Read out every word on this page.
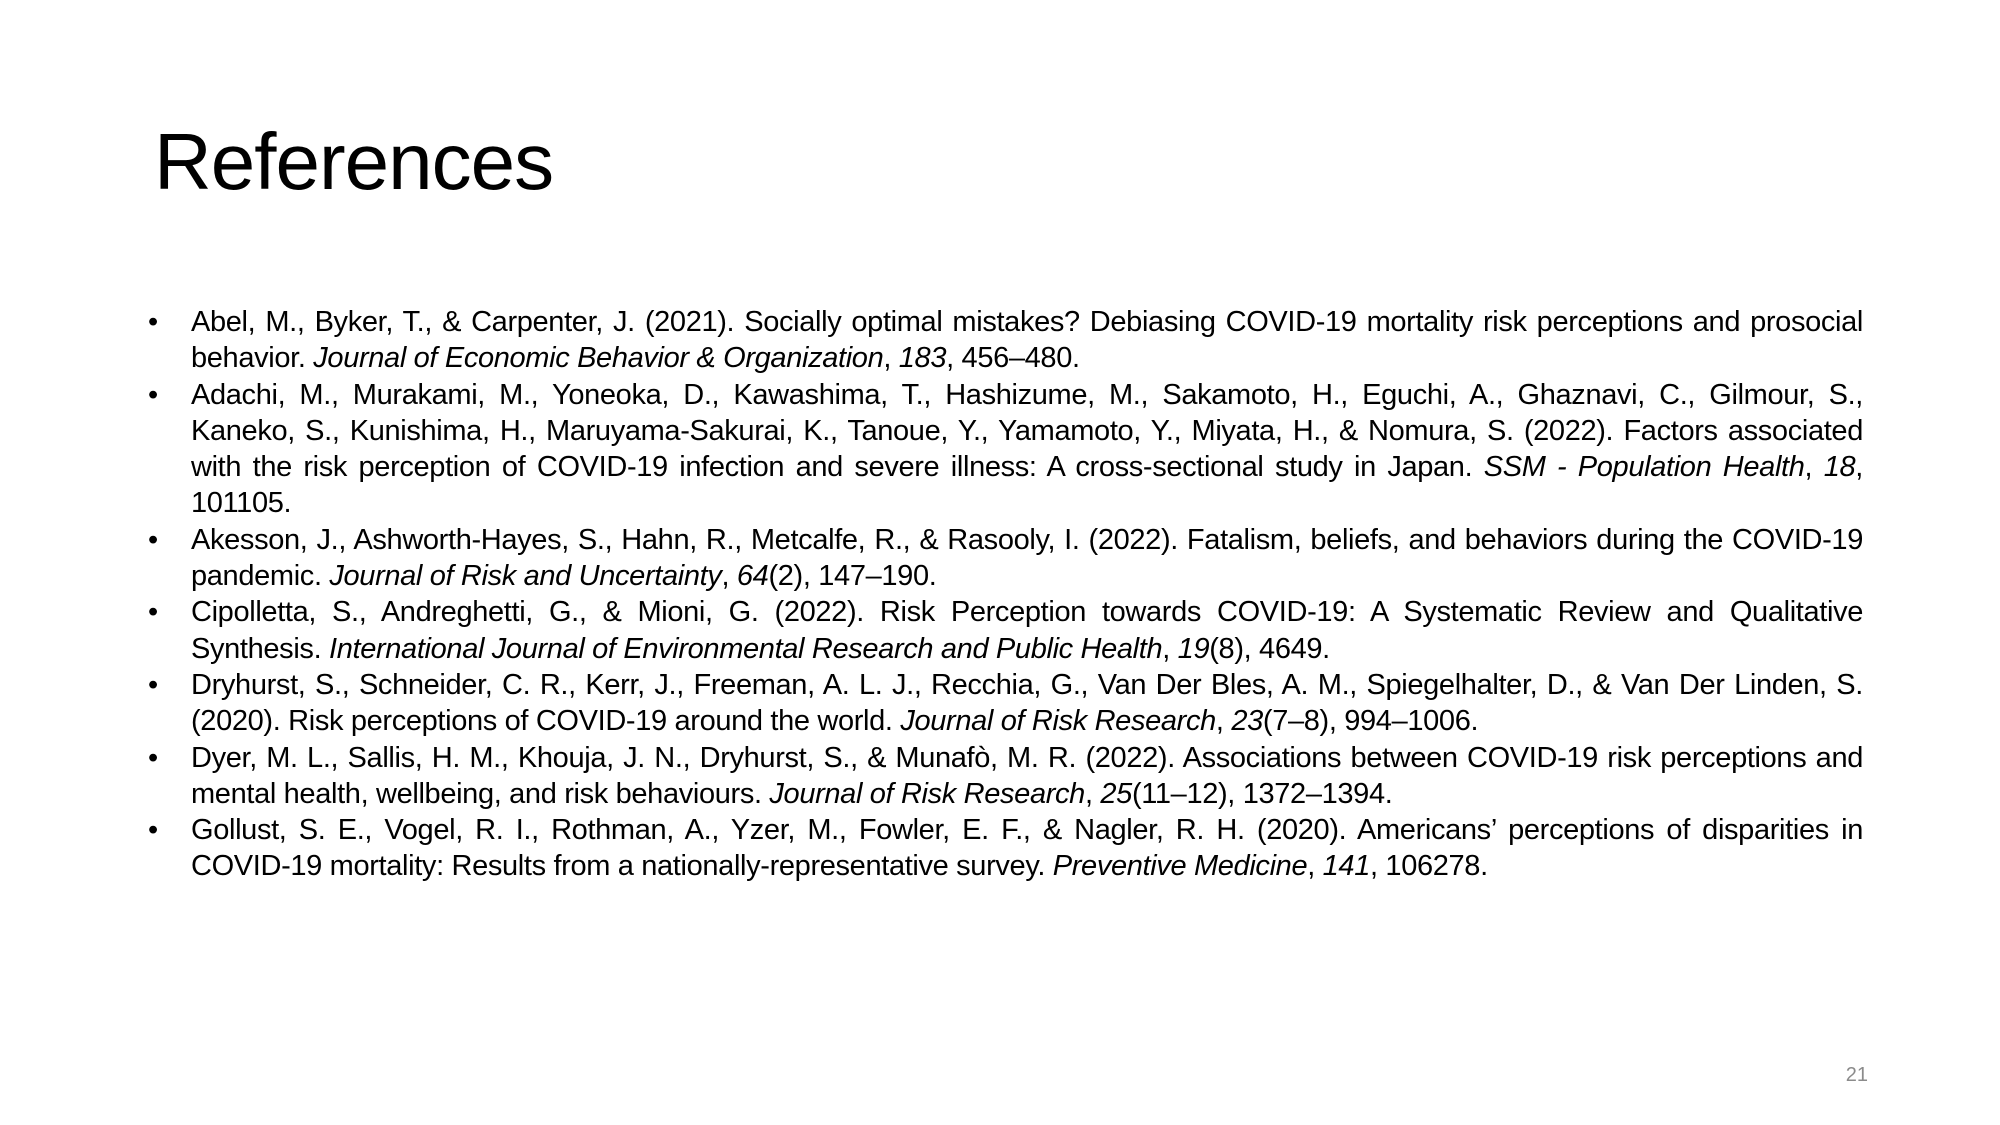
References
•	Abel, M., Byker, T., & Carpenter, J. (2021). Socially optimal mistakes? Debiasing COVID-19 mortality risk perceptions and prosocial behavior. Journal of Economic Behavior & Organization, 183, 456–480.
•	Adachi, M., Murakami, M., Yoneoka, D., Kawashima, T., Hashizume, M., Sakamoto, H., Eguchi, A., Ghaznavi, C., Gilmour, S., Kaneko, S., Kunishima, H., Maruyama-Sakurai, K., Tanoue, Y., Yamamoto, Y., Miyata, H., & Nomura, S. (2022). Factors associated with the risk perception of COVID-19 infection and severe illness: A cross-sectional study in Japan. SSM - Population Health, 18, 101105.
•	Akesson, J., Ashworth-Hayes, S., Hahn, R., Metcalfe, R., & Rasooly, I. (2022). Fatalism, beliefs, and behaviors during the COVID-19 pandemic. Journal of Risk and Uncertainty, 64(2), 147–190.
•	Cipolletta, S., Andreghetti, G., & Mioni, G. (2022). Risk Perception towards COVID-19: A Systematic Review and Qualitative Synthesis. International Journal of Environmental Research and Public Health, 19(8), 4649.
•	Dryhurst, S., Schneider, C. R., Kerr, J., Freeman, A. L. J., Recchia, G., Van Der Bles, A. M., Spiegelhalter, D., & Van Der Linden, S. (2020). Risk perceptions of COVID-19 around the world. Journal of Risk Research, 23(7–8), 994–1006.
•	Dyer, M. L., Sallis, H. M., Khouja, J. N., Dryhurst, S., & Munafò, M. R. (2022). Associations between COVID-19 risk perceptions and mental health, wellbeing, and risk behaviours. Journal of Risk Research, 25(11–12), 1372–1394.
•	Gollust, S. E., Vogel, R. I., Rothman, A., Yzer, M., Fowler, E. F., & Nagler, R. H. (2020). Americans’ perceptions of disparities in COVID-19 mortality: Results from a nationally-representative survey. Preventive Medicine, 141, 106278.
21
